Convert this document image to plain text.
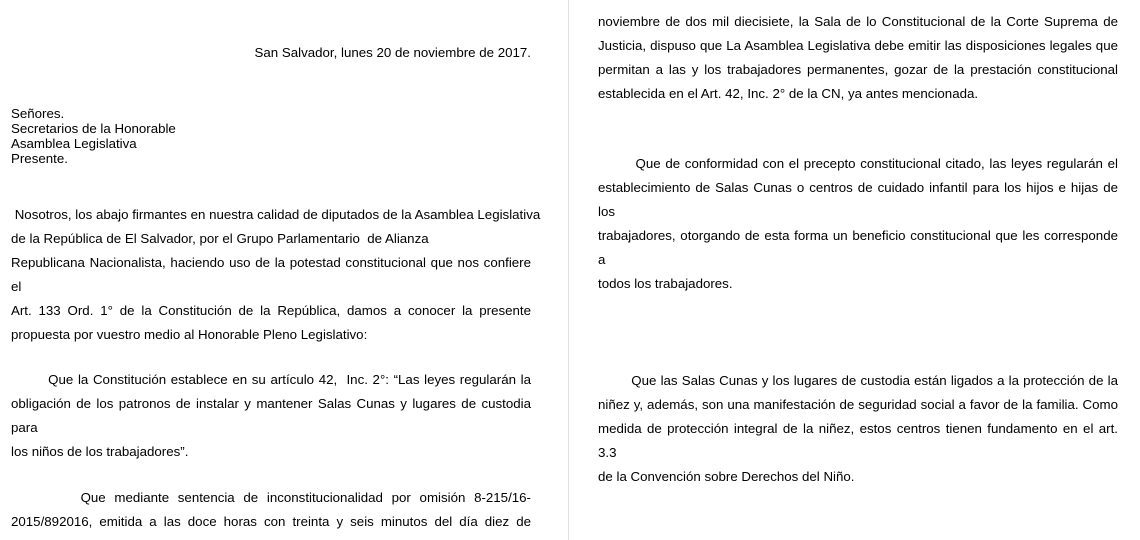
San Salvador, lunes 20 de noviembre de 2017.

Señores.
Secretarios de la Honorable
Asamblea Legislativa
Presente.
Nosotros, los abajo firmantes en nuestra calidad de diputados de la Asamblea Legislativa
de la República de El Salvador, por el Grupo Parlamentario  de Alianza
Republicana Nacionalista, haciendo uso de la potestad constitucional que nos confiere el
Art. 133 Ord. 1° de la Constitución de la República, damos a conocer la presente
propuesta por vuestro medio al Honorable Pleno Legislativo:
Que la Constitución establece en su artículo 42,  Inc. 2°: “Las leyes regularán la
obligación de los patronos de instalar y mantener Salas Cunas y lugares de custodia para
los niños de los trabajadores”.
Que mediante sentencia de inconstitucionalidad por omisión 8-215/16-
2015/892016, emitida a las doce horas con treinta y seis minutos del día diez de
noviembre de dos mil diecisiete, la Sala de lo Constitucional de la Corte Suprema de
Justicia, dispuso que La Asamblea Legislativa debe emitir las disposiciones legales que
permitan a las y los trabajadores permanentes, gozar de la prestación constitucional
establecida en el Art. 42, Inc. 2° de la CN, ya antes mencionada.
Que de conformidad con el precepto constitucional citado, las leyes regularán el
establecimiento de Salas Cunas o centros de cuidado infantil para los hijos e hijas de los
trabajadores, otorgando de esta forma un beneficio constitucional que les corresponde a
todos los trabajadores.
Que las Salas Cunas y los lugares de custodia están ligados a la protección de la
niñez y, además, son una manifestación de seguridad social a favor de la familia. Como
medida de protección integral de la niñez, estos centros tienen fundamento en el art. 3.3
de la Convención sobre Derechos del Niño.
